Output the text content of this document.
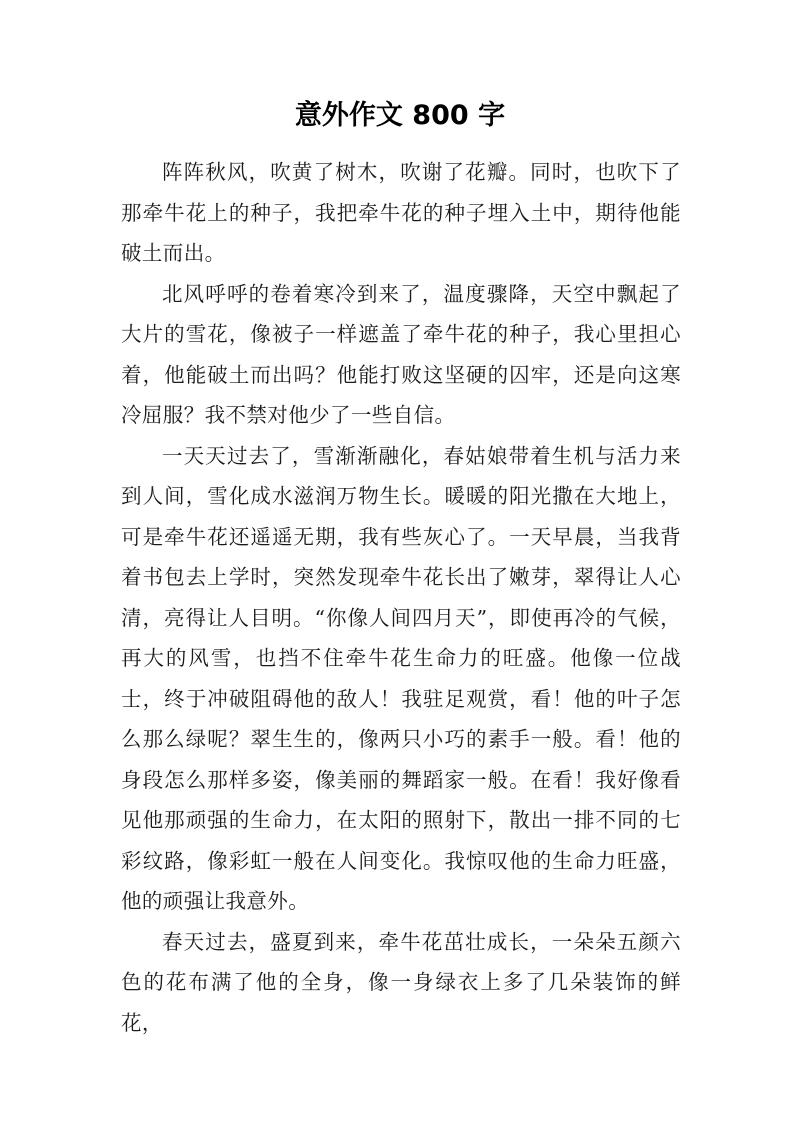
意外作文 800 字

阵阵秋风，吹黄了树木，吹谢了花瓣。同时，也吹下了那牵牛花上的种子，我把牵牛花的种子埋入土中，期待他能破土而出。

北风呼呼的卷着寒冷到来了，温度骤降，天空中飘起了大片的雪花，像被子一样遮盖了牵牛花的种子，我心里担心着，他能破土而出吗？他能打败这坚硬的囚牢，还是向这寒冷屈服？我不禁对他少了一些自信。

一天天过去了，雪渐渐融化，春姑娘带着生机与活力来到人间，雪化成水滋润万物生长。暖暖的阳光撒在大地上，可是牵牛花还遥遥无期，我有些灰心了。一天早晨，当我背着书包去上学时，突然发现牵牛花长出了嫩芽，翠得让人心清，亮得让人目明。“你像人间四月天”，即使再冷的气候，再大的风雪，也挡不住牵牛花生命力的旺盛。他像一位战士，终于冲破阻碍他的敌人！我驻足观赏，看！他的叶子怎么那么绿呢？翠生生的，像两只小巧的素手一般。看！他的身段怎么那样多姿，像美丽的舞蹈家一般。在看！我好像看见他那顽强的生命力，在太阳的照射下，散出一排不同的七彩纹路，像彩虹一般在人间变化。我惊叹他的生命力旺盛，他的顽强让我意外。

春天过去，盛夏到来，牵牛花茁壮成长，一朵朵五颜六色的花布满了他的全身，像一身绿衣上多了几朵装饰的鲜花，
